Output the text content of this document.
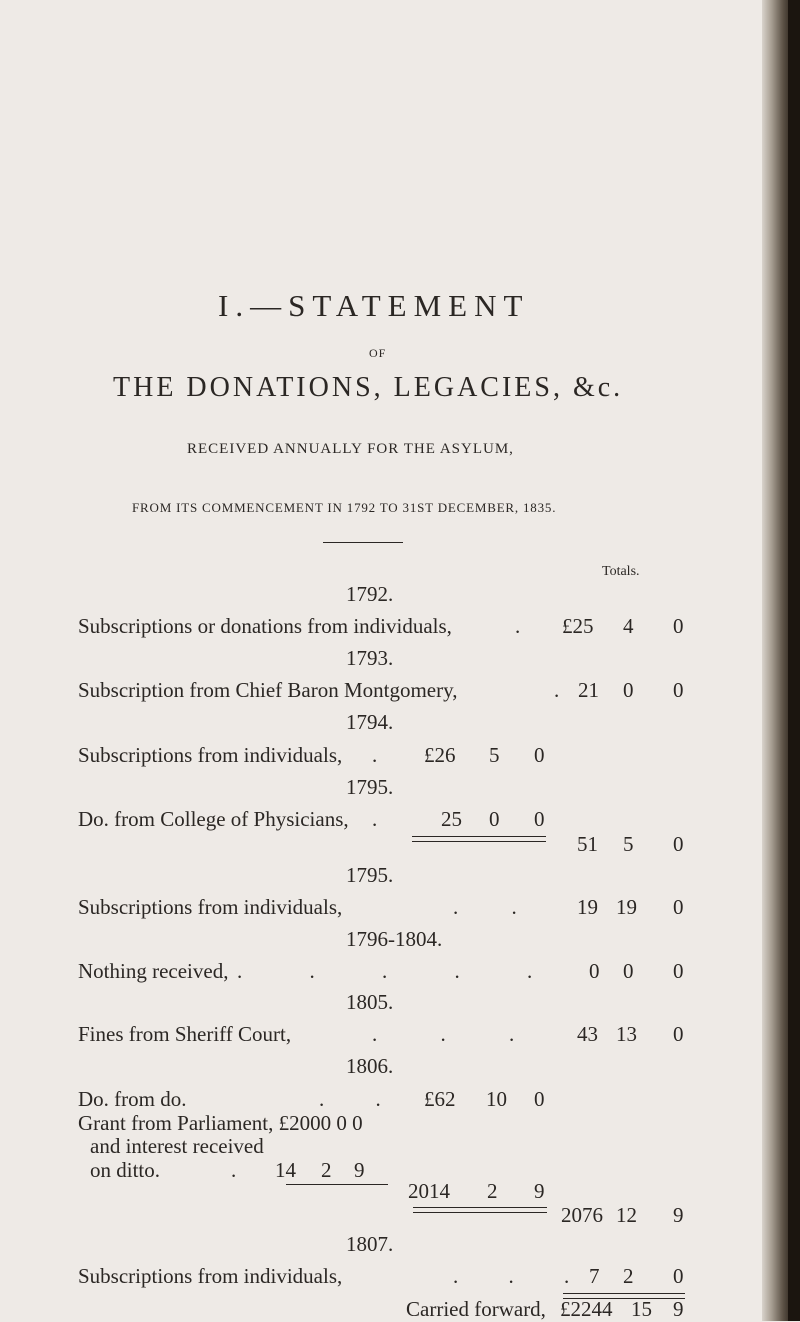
I.—STATEMENT
OF
THE DONATIONS, LEGACIES, &c.
RECEIVED ANNUALLY FOR THE ASYLUM,
FROM ITS COMMENCEMENT IN 1792 TO 31ST DECEMBER, 1835.
Totals.
1792.
Subscriptions or donations from individuals,	. £25 4 0
1793.
Subscription from Chief Baron Montgomery,	. 21 0 0
1794.
Subscriptions from individuals, . £26 5 0
1795.
Do. from College of Physicians, .	25 0 0
51 5 0
1795.
Subscriptions from individuals,	. .	19 19 0
1796-1804.
Nothing received, . . . . .	0 0 0
1805.
Fines from Sheriff Court,	. . .	43 13 0
1806.
Do. from do.	. . £62 10 0
Grant from Parliament, £2000 0 0
and interest received
on ditto.	. 14 2 9
2014 2 9
2076 12 9
1807.
Subscriptions from individuals,	. . . 7 2 0
Carried forward, £2244 15 9
